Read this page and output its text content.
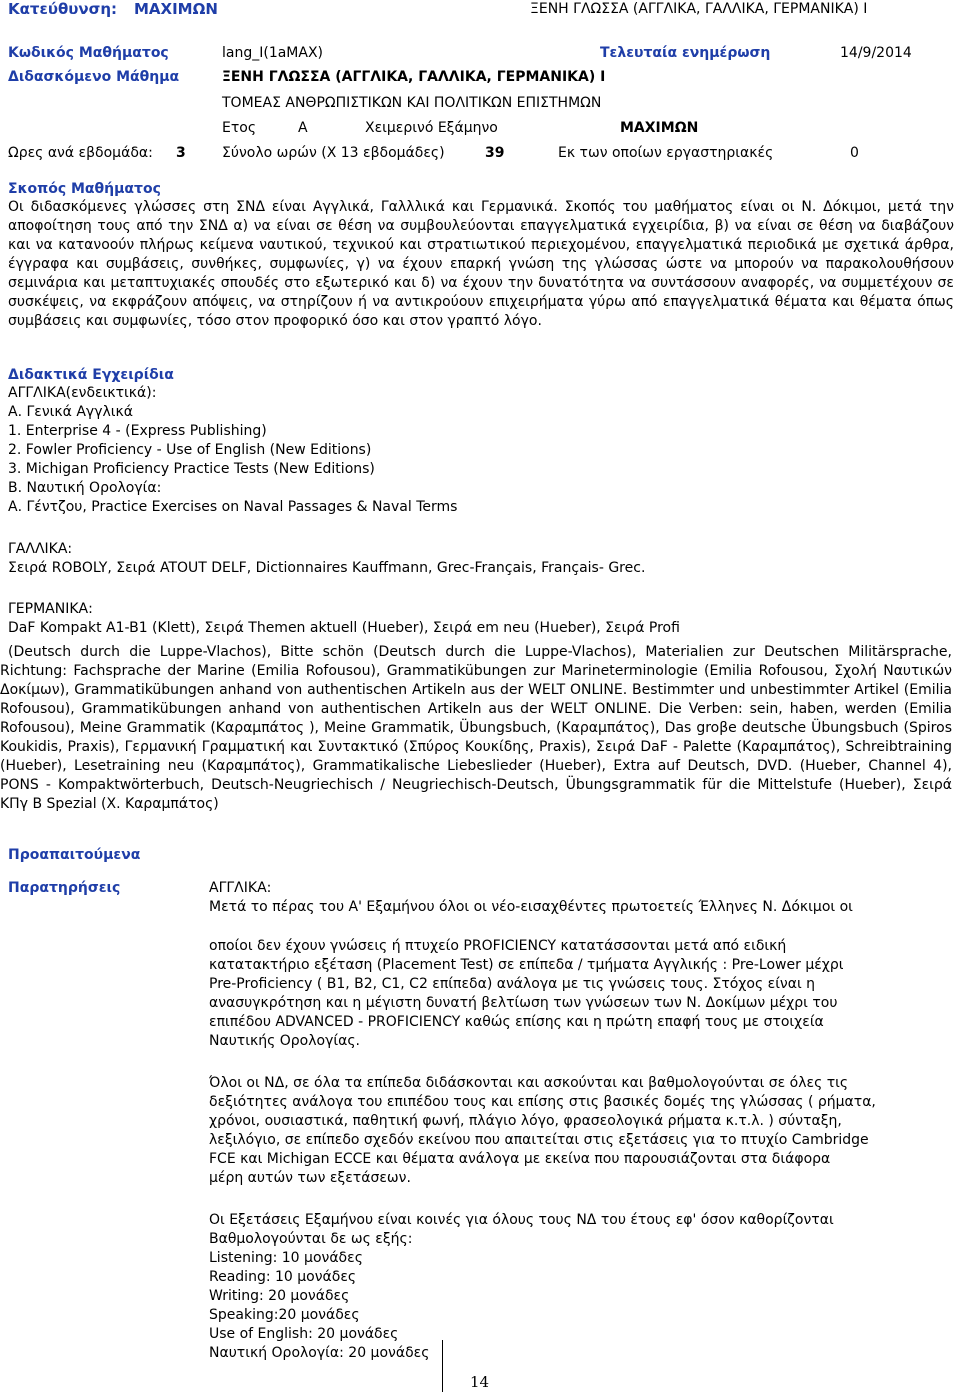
Κατεύθυνση: ΜΑΧΙΜΩΝ	ΞΕΝΗ ΓΛΩΣΣΑ (ΑΓΓΛΙΚΑ, ΓΑΛΛΙΚΑ, ΓΕΡΜΑΝΙΚΑ) Ι
Κωδικός Μαθήματος	lang_I(1aMAX)	Τελευταία ενημέρωση	14/9/2014
Διδασκόμενο Μάθημα	ΞΕΝΗ ΓΛΩΣΣΑ (ΑΓΓΛΙΚΑ, ΓΑΛΛΙΚΑ, ΓΕΡΜΑΝΙΚΑ) Ι
ΤΟΜΕΑΣ ΑΝΘΡΩΠΙΣΤΙΚΩΝ ΚΑΙ ΠΟΛΙΤΙΚΩΝ ΕΠΙΣΤΗΜΩΝ
Ετος	Α	Χειμερινό Εξάμηνο	ΜΑΧΙΜΩΝ
Ωρες ανά εβδομάδα: 3	Σύνολο ωρών (Χ 13 εβδομάδες)	39	Εκ των οποίων εργαστηριακές	0
Σκοπός Μαθήματος
Οι διδασκόμενες γλώσσες στη ΣΝΔ είναι Αγγλικά, Γαλλλικά και Γερμανικά. Σκοπός του μαθήματος είναι οι Ν. Δόκιμοι, μετά την αποφοίτηση τους από την ΣΝΔ α) να είναι σε θέση να συμβουλεύονται επαγγελματικά εγχειρίδια, β) να είναι σε θέση να διαβάζουν και να κατανοούν πλήρως κείμενα ναυτικού, τεχνικού και στρατιωτικού περιεχομένου, επαγγελματικά περιοδικά με σχετικά άρθρα, έγγραφα και συμβάσεις, συνθήκες, συμφωνίες, γ) να έχουν επαρκή γνώση της γλώσσας ώστε να μπορούν να παρακολουθήσουν σεμινάρια και μεταπτυχιακές σπουδές στο εξωτερικό και δ) να έχουν την δυνατότητα να συντάσσουν αναφορές, να συμμετέχουν σε συσκέψεις, να εκφράζουν απόψεις, να στηρίζουν ή να αντικρούουν επιχειρήματα γύρω από επαγγελματικά θέματα και θέματα όπως συμβάσεις και συμφωνίες, τόσο στον προφορικό όσο και στον γραπτό λόγο.
Διδακτικά Εγχειρίδια
ΑΓΓΛΙΚΑ(ενδεικτικά):
Α. Γενικά Αγγλικά
1. Enterprise 4 - (Express Publishing)
2. Fowler Proficiency - Use of English (New Editions)
3. Michigan Proficiency Practice Tests (New Editions)
Β. Ναυτική Ορολογία:
Α. Γέντζου, Practice Exercises on Naval Passages & Naval Terms
ΓΑΛΛΙΚΑ:
Σειρά ROBOLY, Σειρά ATOUT DELF, Dictionnaires Kauffmann, Grec-Français, Français- Grec.
ΓΕΡΜΑΝΙΚΑ:
DaF Kompakt A1-B1 (Klett), Σειρά Themen aktuell (Hueber), Σειρά em neu (Hueber), Σειρά Profi
(Deutsch durch die Luppe-Vlachos), Bitte schön (Deutsch durch die Luppe-Vlachos), Materialien zur Deutschen Militärsprache, Richtung: Fachsprache der Marine (Emilia Rofousou), Grammatikübungen zur Marineterminologie (Emilia Rofousou, Σχολή Ναυτικών Δοκίμων), Grammatikübungen anhand von authentischen Artikeln aus der WELT ONLINE. Bestimmter und unbestimmter Artikel (Emilia Rofousou), Grammatikübungen anhand von authentischen Artikeln aus der WELT ONLINE. Die Verben: sein, haben, werden (Emilia Rofousou), Meine Grammatik (Καραμπάτος ), Meine Grammatik, Übungsbuch, (Καραμπάτος), Das groβe deutsche Übungsbuch (Spiros Koukidis, Praxis), Γερμανική Γραμματική και Συντακτικό (Σπύρος Κουκίδης, Praxis), Σειρά DaF - Palette (Καραμπάτος), Schreibtraining (Hueber), Lesetraining neu (Καραμπάτος), Grammatikalische Liebeslieder (Hueber), Extra auf Deutsch, DVD. (Hueber, Channel 4), PONS - Kompaktwörterbuch, Deutsch-Neugriechisch / Neugriechisch-Deutsch, Übungsgrammatik für die Mittelstufe (Hueber), Σειρά ΚΠγ Β Spezial (Χ. Καραμπάτος)
Προαπαιτούμενα
Παρατηρήσεις	ΑΓΓΛΙΚΑ:
Μετά το πέρας του Α' Εξαμήνου όλοι οι νέο-εισαχθέντες πρωτοετείς Έλληνες Ν. Δόκιμοι οι
οποίοι δεν έχουν γνώσεις ή πτυχείο PROFICIENCY κατατάσσονται μετά από ειδική
κατατακτήριο εξέταση (Placement Test) σε επίπεδα / τμήματα Αγγλικής : Pre-Lower μέχρι
Pre-Proficiency ( B1, B2, C1, C2 επίπεδα) ανάλογα με τις γνώσεις τους. Στόχος είναι η
ανασυγκρότηση και η μέγιστη δυνατή βελτίωση των γνώσεων των Ν. Δοκίμων μέχρι του
επιπέδου ADVANCED - PROFICIENCY καθώς επίσης και η πρώτη επαφή τους με στοιχεία
Ναυτικής Ορολογίας.
Όλοι οι ΝΔ, σε όλα τα επίπεδα διδάσκονται και ασκούνται και βαθμολογούνται σε όλες τις
δεξιότητες ανάλογα του επιπέδου τους και επίσης στις βασικές δομές της γλώσσας ( ρήματα,
χρόνοι, ουσιαστικά, παθητική φωνή, πλάγιο λόγο, φρασεολογικά ρήματα κ.τ.λ. ) σύνταξη,
λεξιλόγιο, σε επίπεδο σχεδόν εκείνου που απαιτείται στις εξετάσεις για το πτυχίο Cambridge
FCE και Michigan ECCE και θέματα ανάλογα με εκείνα που παρουσιάζονται στα διάφορα
μέρη αυτών των εξετάσεων.
Οι Εξετάσεις Εξαμήνου είναι κοινές για όλους τους ΝΔ του έτους εφ' όσον καθορίζονται
Βαθμολογούνται δε ως εξής:
Listening: 10 μονάδες
Reading: 10 μονάδες
Writing: 20 μονάδες
Speaking:20 μονάδες
Use of English: 20 μονάδες
Ναυτική Ορολογία: 20 μονάδες
14
